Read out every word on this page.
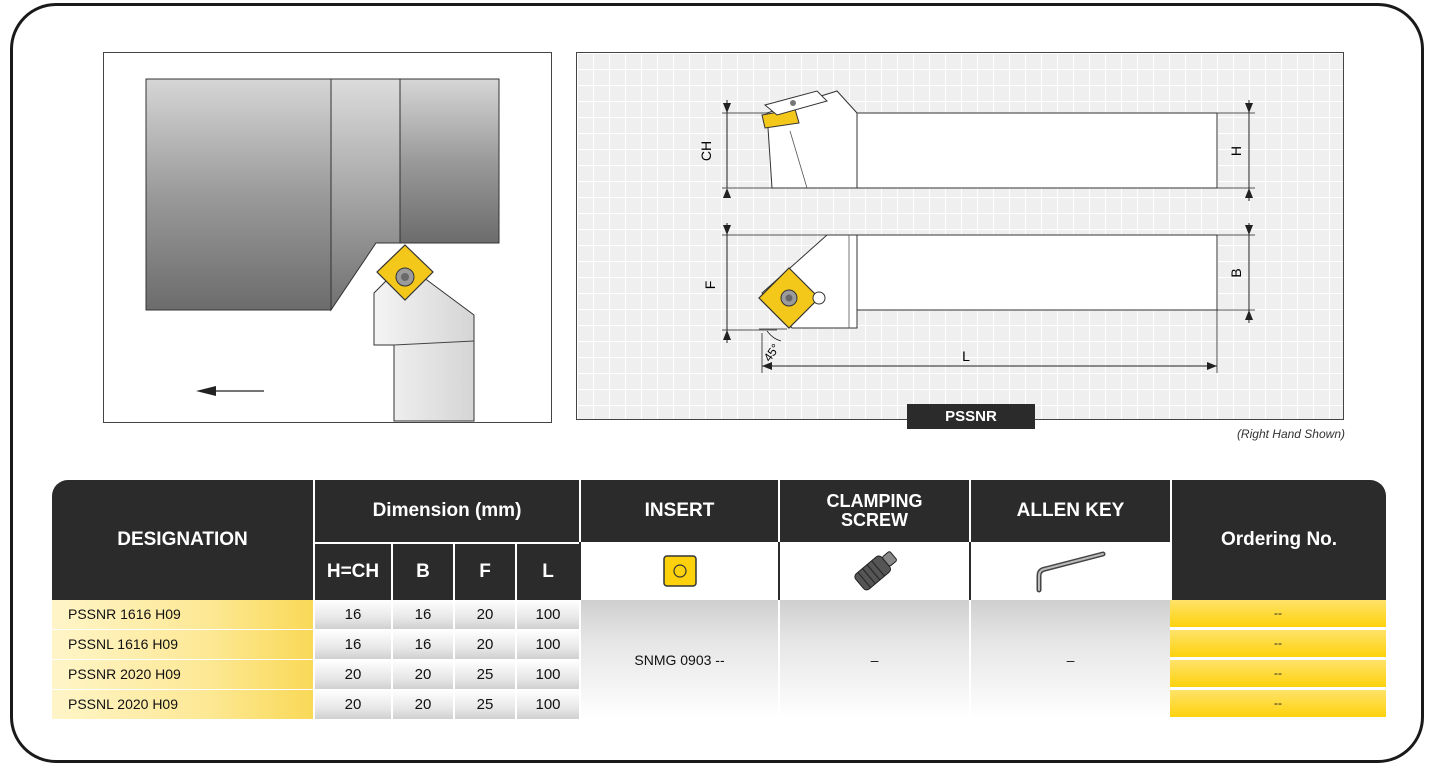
CH	H
F
B
L
45°
PSSNR
(Right Hand Shown)
DESIGNATION
Dimension (mm)
H=CH	B	F	L
INSERT	CLAMPING SCREW	ALLEN KEY
Ordering No.
PSSNR 1616 H09	16	16	20	100	--
PSSNL 1616 H09	16	16	20	100	--
PSSNR 2020 H09	20	20	25	100	--
PSSNL 2020 H09	20	20	25	100	--
SNMG 0903 --	–	–
